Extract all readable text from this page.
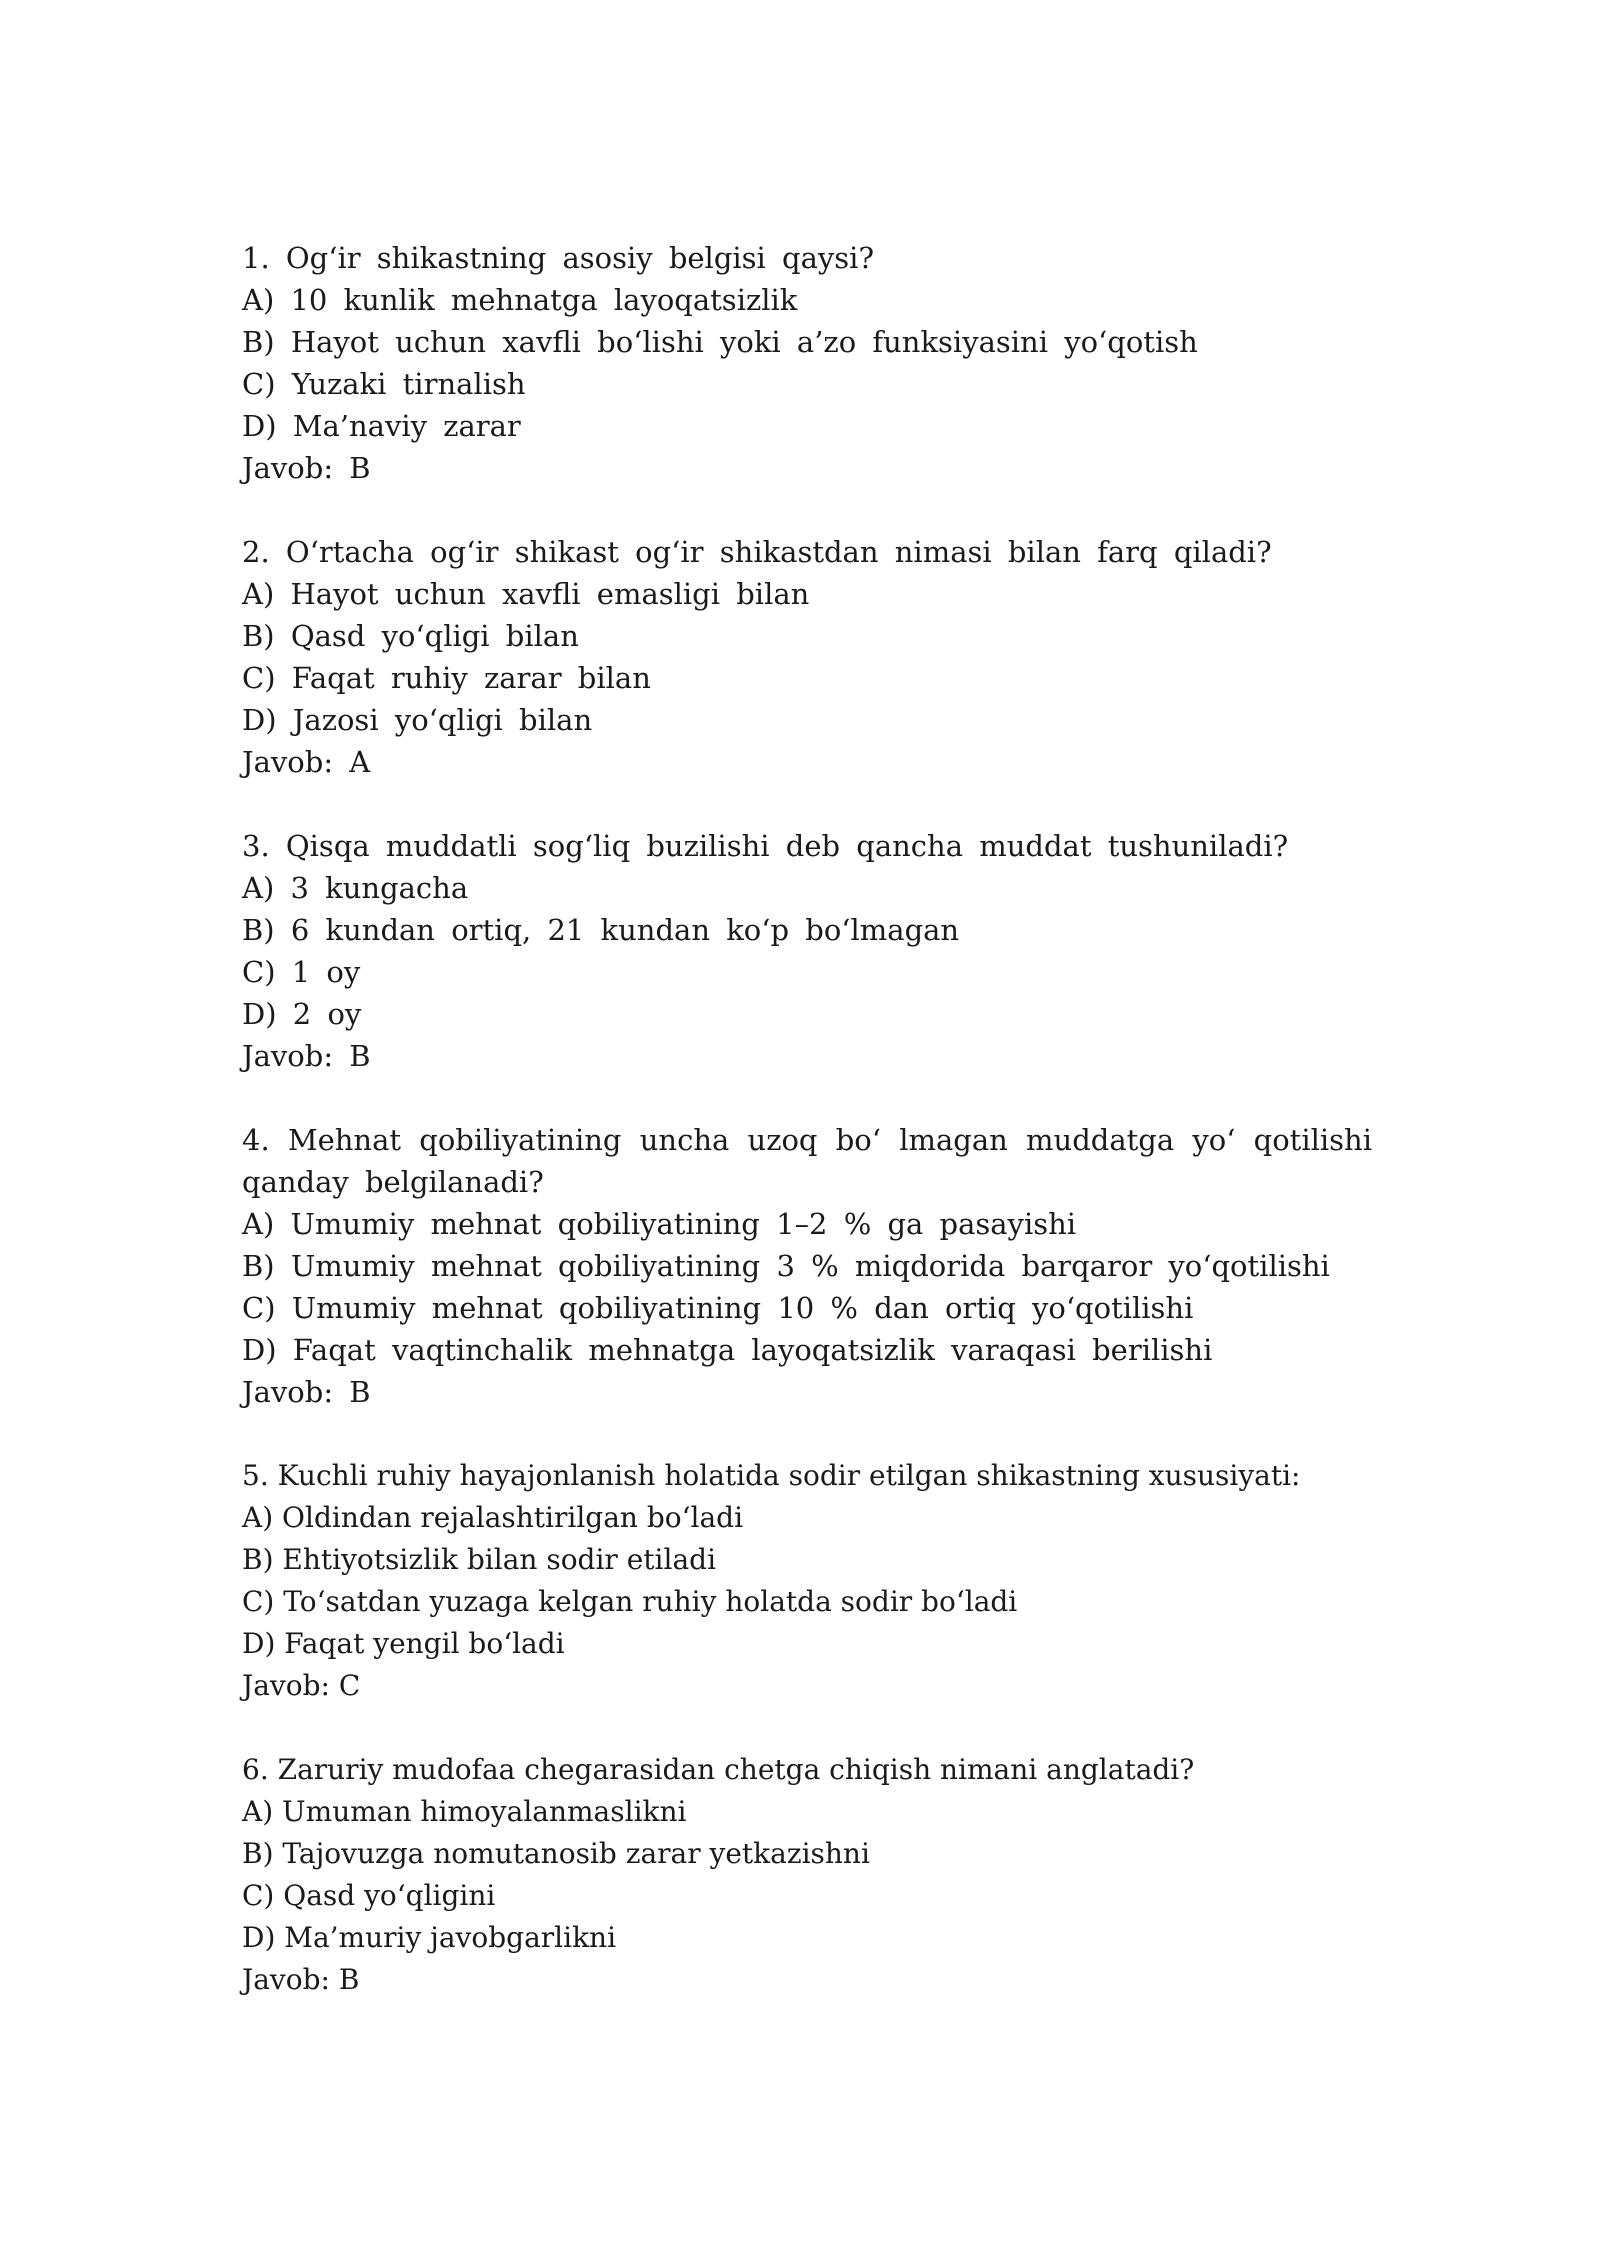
1. Og‘ir shikastning asosiy belgisi qaysi?
A) 10 kunlik mehnatga layoqatsizlik
B) Hayot uchun xavfli bo‘lishi yoki a’zo funksiyasini yo‘qotish
C) Yuzaki tirnalish
D) Ma’naviy zarar
Javob: B
2. O‘rtacha og‘ir shikast og‘ir shikastdan nimasi bilan farq qiladi?
A) Hayot uchun xavfli emasligi bilan
B) Qasd yo‘qligi bilan
C) Faqat ruhiy zarar bilan
D) Jazosi yo‘qligi bilan
Javob: A
3. Qisqa muddatli sog‘liq buzilishi deb qancha muddat tushuniladi?
A) 3 kungacha
B) 6 kundan ortiq, 21 kundan ko‘p bo‘lmagan
C) 1 oy
D) 2 oy
Javob: B
4. Mehnat qobiliyatining uncha uzoq bo‘ lmagan muddatga yo‘ qotilishi qanday belgilanadi?
A) Umumiy mehnat qobiliyatining 1–2 % ga pasayishi
B) Umumiy mehnat qobiliyatining 3 % miqdorida barqaror yo‘qotilishi
C) Umumiy mehnat qobiliyatining 10 % dan ortiq yo‘qotilishi
D) Faqat vaqtinchalik mehnatga layoqatsizlik varaqasi berilishi
Javob: B
5. Kuchli ruhiy hayajonlanish holatida sodir etilgan shikastning xususiyati:
A) Oldindan rejalashtirilgan bo‘ladi
B) Ehtiyotsizlik bilan sodir etiladi
C) To‘satdan yuzaga kelgan ruhiy holatda sodir bo‘ladi
D) Faqat yengil bo‘ladi
Javob: C
6. Zaruriy mudofaa chegarasidan chetga chiqish nimani anglatadi?
A) Umuman himoyalanmaslikni
B) Tajovuzga nomutanosib zarar yetkazishni
C) Qasd yo‘qligini
D) Ma’muriy javobgarlikni
Javob: B
